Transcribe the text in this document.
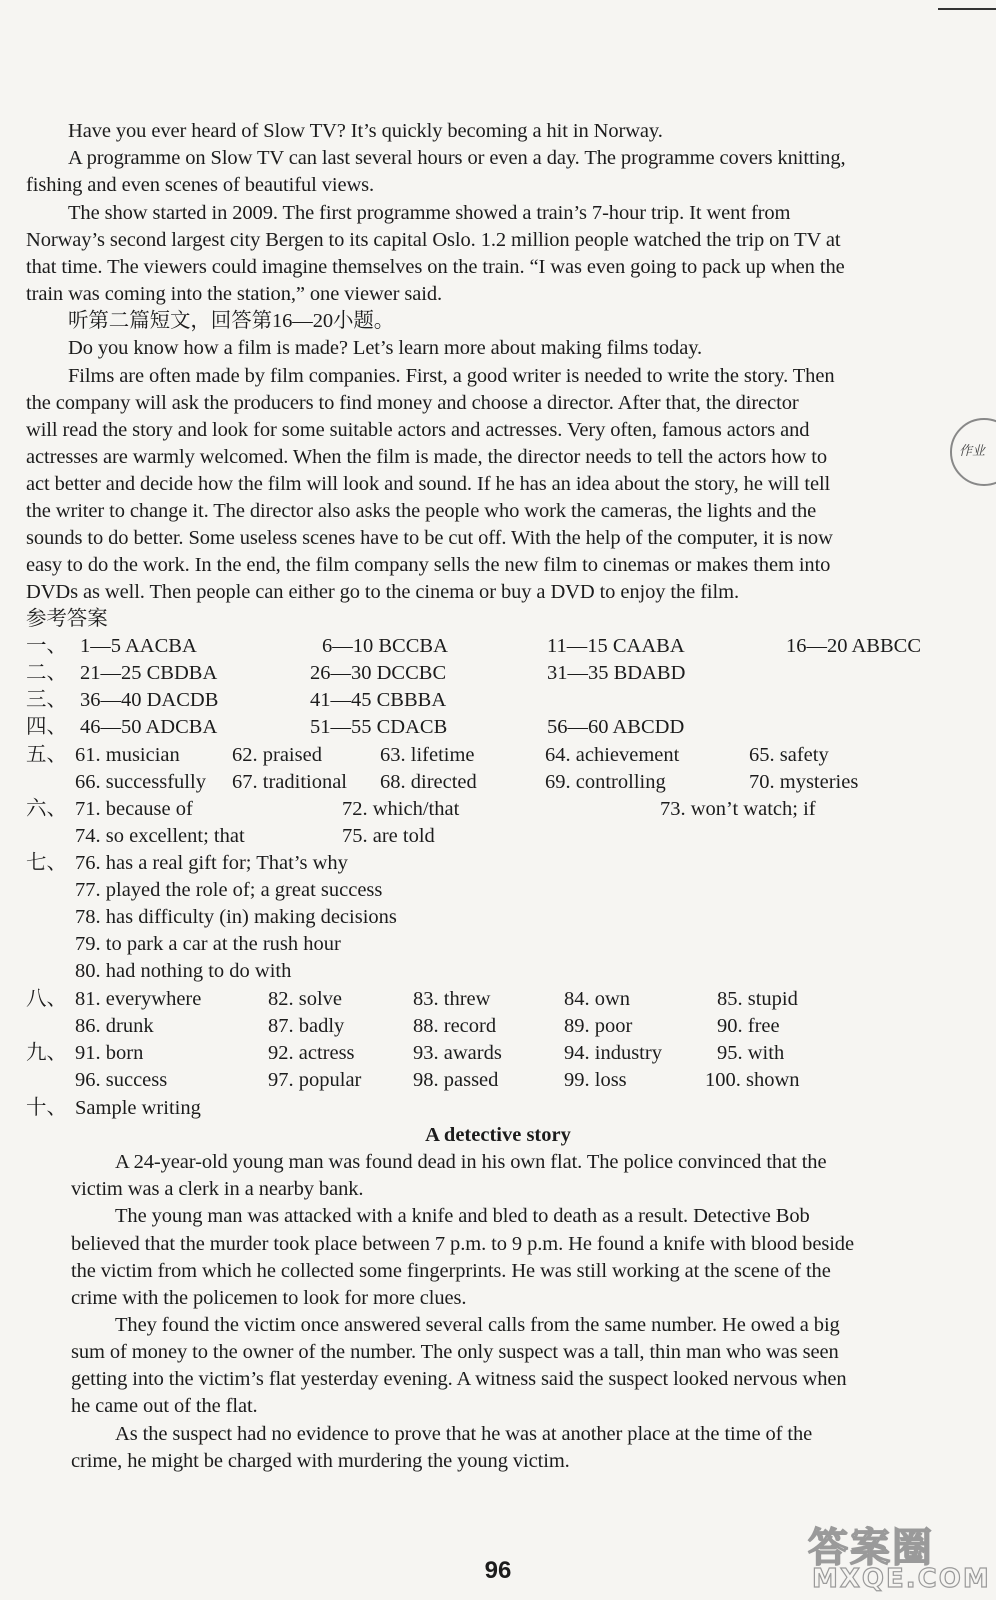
Have you ever heard of Slow TV? It’s quickly becoming a hit in Norway.
A programme on Slow TV can last several hours or even a day. The programme covers knitting,
fishing and even scenes of beautiful views.
The show started in 2009. The first programme showed a train’s 7-hour trip. It went from
Norway’s second largest city Bergen to its capital Oslo. 1.2 million people watched the trip on TV at
that time. The viewers could imagine themselves on the train. “I was even going to pack up when the
train was coming into the station,” one viewer said.
听第二篇短文，回答第16—20小题。
Do you know how a film is made? Let’s learn more about making films today.
Films are often made by film companies. First, a good writer is needed to write the story. Then
the company will ask the producers to find money and choose a director. After that, the director
will read the story and look for some suitable actors and actresses. Very often, famous actors and
actresses are warmly welcomed. When the film is made, the director needs to tell the actors how to
act better and decide how the film will look and sound. If he has an idea about the story, he will tell
the writer to change it. The director also asks the people who work the cameras, the lights and the
sounds to do better. Some useless scenes have to be cut off. With the help of the computer, it is now
easy to do the work. In the end, the film company sells the new film to cinemas or makes them into
DVDs as well. Then people can either go to the cinema or buy a DVD to enjoy the film.
作业
参考答案
一、 1—5 AACBA	6—10 BCCBA	11—15 CAABA	16—20 ABBCC
二、 21—25 CBDBA	26—30 DCCBC	31—35 BDABD
三、 36—40 DACDB	41—45 CBBBA
四、 46—50 ADCBA	51—55 CDACB	56—60 ABCDD
五、 61. musician	62. praised	63. lifetime	64. achievement	65. safety
66. successfully 67. traditional 68. directed	69. controlling	70. mysteries
六、 71. because of	72. which/that	73. won’t watch; if
74. so excellent; that	75. are told
七、 76. has a real gift for; That’s why
77. played the role of; a great success
78. has difficulty (in) making decisions
79. to park a car at the rush hour
80. had nothing to do with
八、 81. everywhere	82. solve	83. threw	84. own	85. stupid
86. drunk	87. badly	88. record	89. poor	90. free
九、 91. born	92. actress	93. awards	94. industry	95. with
96. success	97. popular	98. passed	99. loss	100. shown
十、 Sample writing
A detective story
A 24-year-old young man was found dead in his own flat. The police convinced that the
victim was a clerk in a nearby bank.
The young man was attacked with a knife and bled to death as a result. Detective Bob
believed that the murder took place between 7 p.m. to 9 p.m. He found a knife with blood beside
the victim from which he collected some fingerprints. He was still working at the scene of the
crime with the policemen to look for more clues.
They found the victim once answered several calls from the same number. He owed a big
sum of money to the owner of the number. The only suspect was a tall, thin man who was seen
getting into the victim’s flat yesterday evening. A witness said the suspect looked nervous when
he came out of the flat.
As the suspect had no evidence to prove that he was at another place at the time of the
crime, he might be charged with murdering the young victim.
96	答案圈
MXQE.COM
